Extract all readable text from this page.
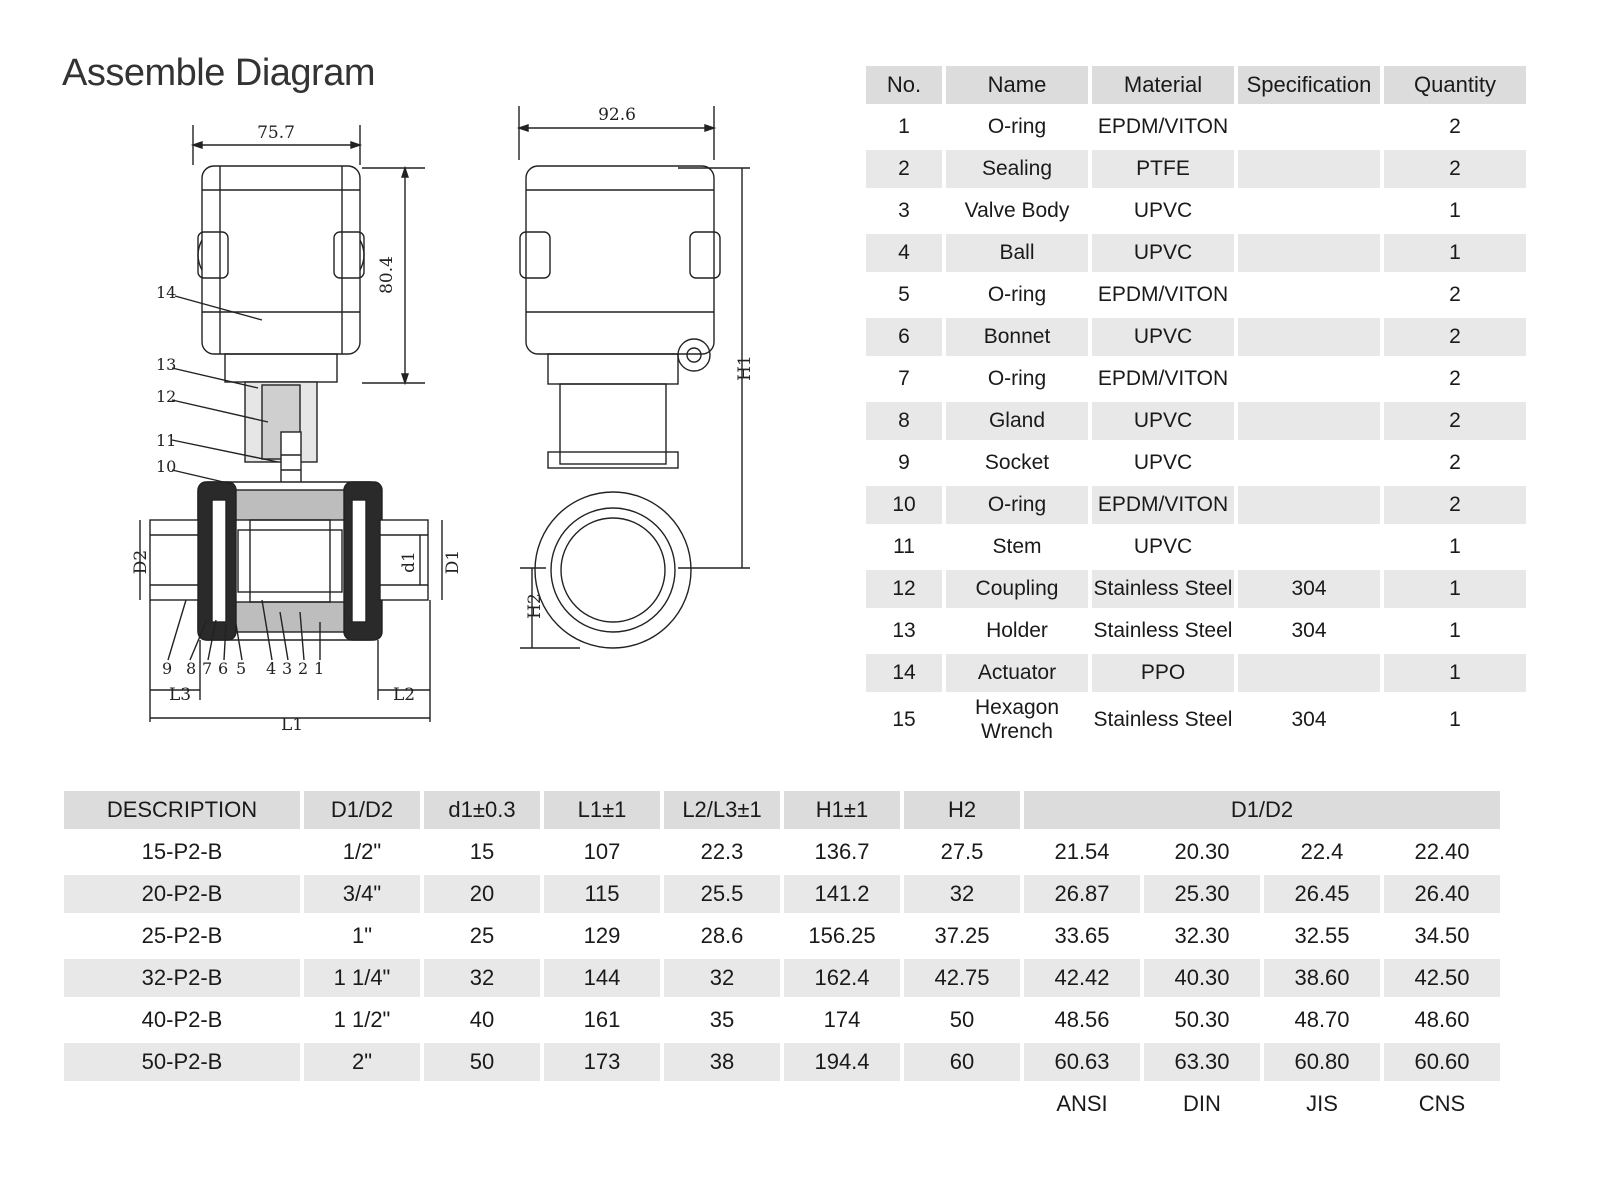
Assemble Diagram
75.7
92.6
80.4
H1
H2
D2	D1
d1
L1
L2
L3
14
13
12
11
10
9 8 7 6 5 4 3 2 1
No.	Name	Material	Specification	Quantity
1	O-ring	EPDM/VITON		2
2	Sealing	PTFE		2
3	Valve Body	UPVC		1
4	Ball	UPVC		1
5	O-ring	EPDM/VITON		2
6	Bonnet	UPVC		2
7	O-ring	EPDM/VITON		2
8	Gland	UPVC		2
9	Socket	UPVC		2
10	O-ring	EPDM/VITON		2
11	Stem	UPVC		1
12	Coupling	Stainless Steel	304	1
13	Holder	Stainless Steel	304	1
14	Actuator	PPO		1
15	Hexagon Wrench	Stainless Steel	304	1
DESCRIPTION	D1/D2	d1±0.3	L1±1	L2/L3±1	H1±1	H2	D1/D2			
15-P2-B	1/2"	15	107	22.3	136.7	27.5	21.54	20.30	22.4	22.40
20-P2-B	3/4"	20	115	25.5	141.2	32	26.87	25.30	26.45	26.40
25-P2-B	1"	25	129	28.6	156.25	37.25	33.65	32.30	32.55	34.50
32-P2-B	1 1/4"	32	144	32	162.4	42.75	42.42	40.30	38.60	42.50
40-P2-B	1 1/2"	40	161	35	174	50	48.56	50.30	48.70	48.60
50-P2-B	2"	50	173	38	194.4	60	60.63	63.30	60.80	60.60
							ANSI	DIN	JIS	CNS
